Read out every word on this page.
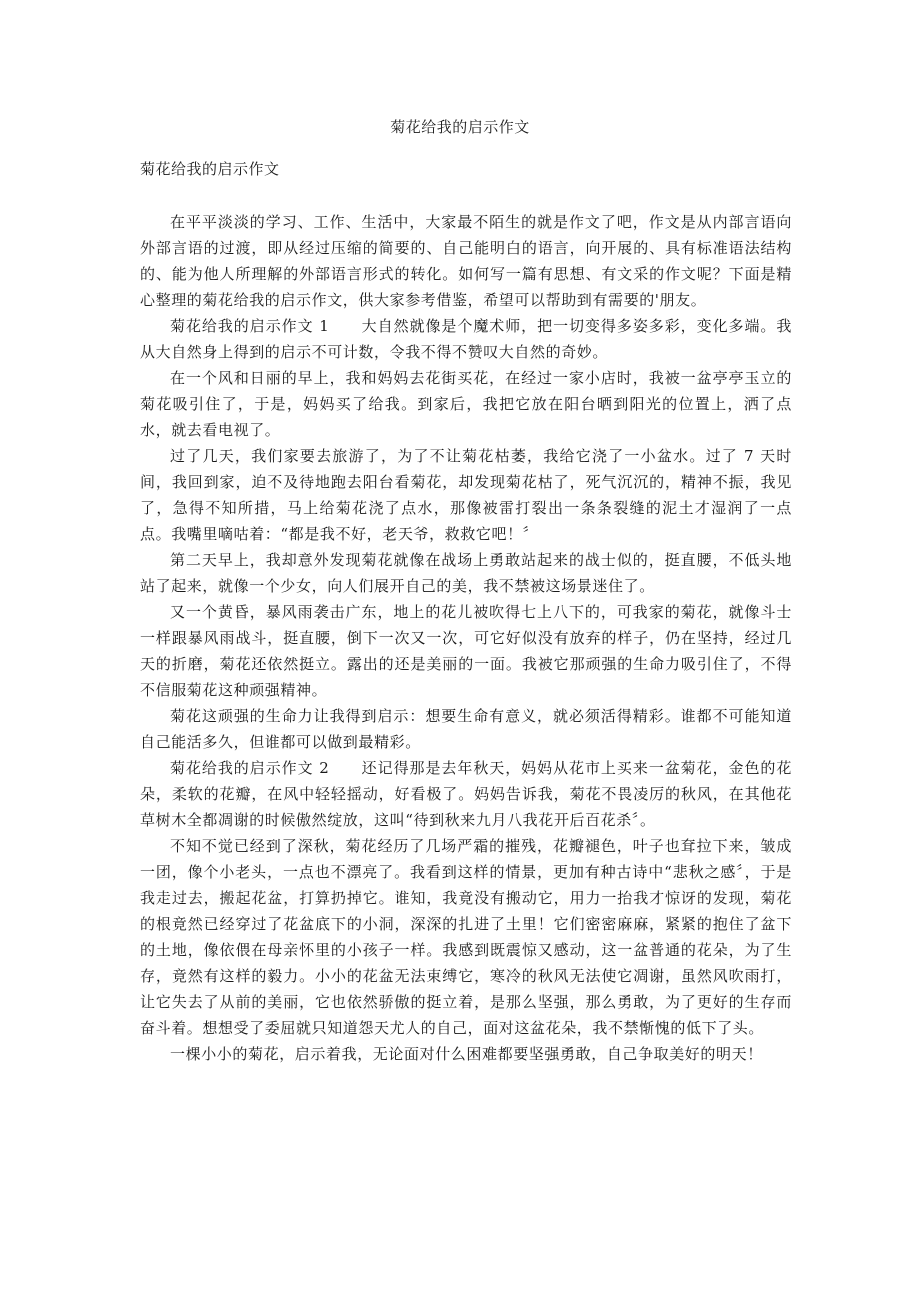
菊花给我的启示作文
菊花给我的启示作文

在平平淡淡的学习、工作、生活中，大家最不陌生的就是作文了吧，作文是从内部言语向外部言语的过渡，即从经过压缩的简要的、自己能明白的语言，向开展的、具有标准语法结构的、能为他人所理解的外部语言形式的转化。如何写一篇有思想、有文采的作文呢？下面是精心整理的菊花给我的启示作文，供大家参考借鉴，希望可以帮助到有需要的'朋友。

菊花给我的启示作文 1　　大自然就像是个魔术师，把一切变得多姿多彩，变化多端。我从大自然身上得到的启示不可计数，令我不得不赞叹大自然的奇妙。

在一个风和日丽的早上，我和妈妈去花街买花，在经过一家小店时，我被一盆亭亭玉立的菊花吸引住了，于是，妈妈买了给我。到家后，我把它放在阳台晒到阳光的位置上，洒了点水，就去看电视了。

过了几天，我们家要去旅游了，为了不让菊花枯萎，我给它浇了一小盆水。过了 7 天时间，我回到家，迫不及待地跑去阳台看菊花，却发现菊花枯了，死气沉沉的，精神不振，我见了，急得不知所措，马上给菊花浇了点水，那像被雷打裂出一条条裂缝的泥土才湿润了一点点。我嘴里嘀咕着：“都是我不好，老天爷，救救它吧！〞

第二天早上，我却意外发现菊花就像在战场上勇敢站起来的战士似的，挺直腰，不低头地站了起来，就像一个少女，向人们展开自己的美，我不禁被这场景迷住了。

又一个黄昏，暴风雨袭击广东，地上的花儿被吹得七上八下的，可我家的菊花，就像斗士一样跟暴风雨战斗，挺直腰，倒下一次又一次，可它好似没有放弃的样子，仍在坚持，经过几天的折磨，菊花还依然挺立。露出的还是美丽的一面。我被它那顽强的生命力吸引住了，不得不信服菊花这种顽强精神。

菊花这顽强的生命力让我得到启示：想要生命有意义，就必须活得精彩。谁都不可能知道自己能活多久，但谁都可以做到最精彩。

菊花给我的启示作文 2　　还记得那是去年秋天，妈妈从花市上买来一盆菊花，金色的花朵，柔软的花瓣，在风中轻轻摇动，好看极了。妈妈告诉我，菊花不畏凌厉的秋风，在其他花草树木全都凋谢的时候傲然绽放，这叫“待到秋来九月八我花开后百花杀〞。

不知不觉已经到了深秋，菊花经历了几场严霜的摧残，花瓣褪色，叶子也耷拉下来，皱成一团，像个小老头，一点也不漂亮了。我看到这样的情景，更加有种古诗中“悲秋之感〞，于是我走过去，搬起花盆，打算扔掉它。谁知，我竟没有搬动它，用力一抬我才惊讶的发现，菊花的根竟然已经穿过了花盆底下的小洞，深深的扎进了土里！它们密密麻麻，紧紧的抱住了盆下的土地，像依偎在母亲怀里的小孩子一样。我感到既震惊又感动，这一盆普通的花朵，为了生存，竟然有这样的毅力。小小的花盆无法束缚它，寒冷的秋风无法使它凋谢，虽然风吹雨打，让它失去了从前的美丽，它也依然骄傲的挺立着，是那么坚强，那么勇敢，为了更好的生存而奋斗着。想想受了委屈就只知道怨天尤人的自己，面对这盆花朵，我不禁惭愧的低下了头。

一棵小小的菊花，启示着我，无论面对什么困难都要坚强勇敢，自己争取美好的明天！
